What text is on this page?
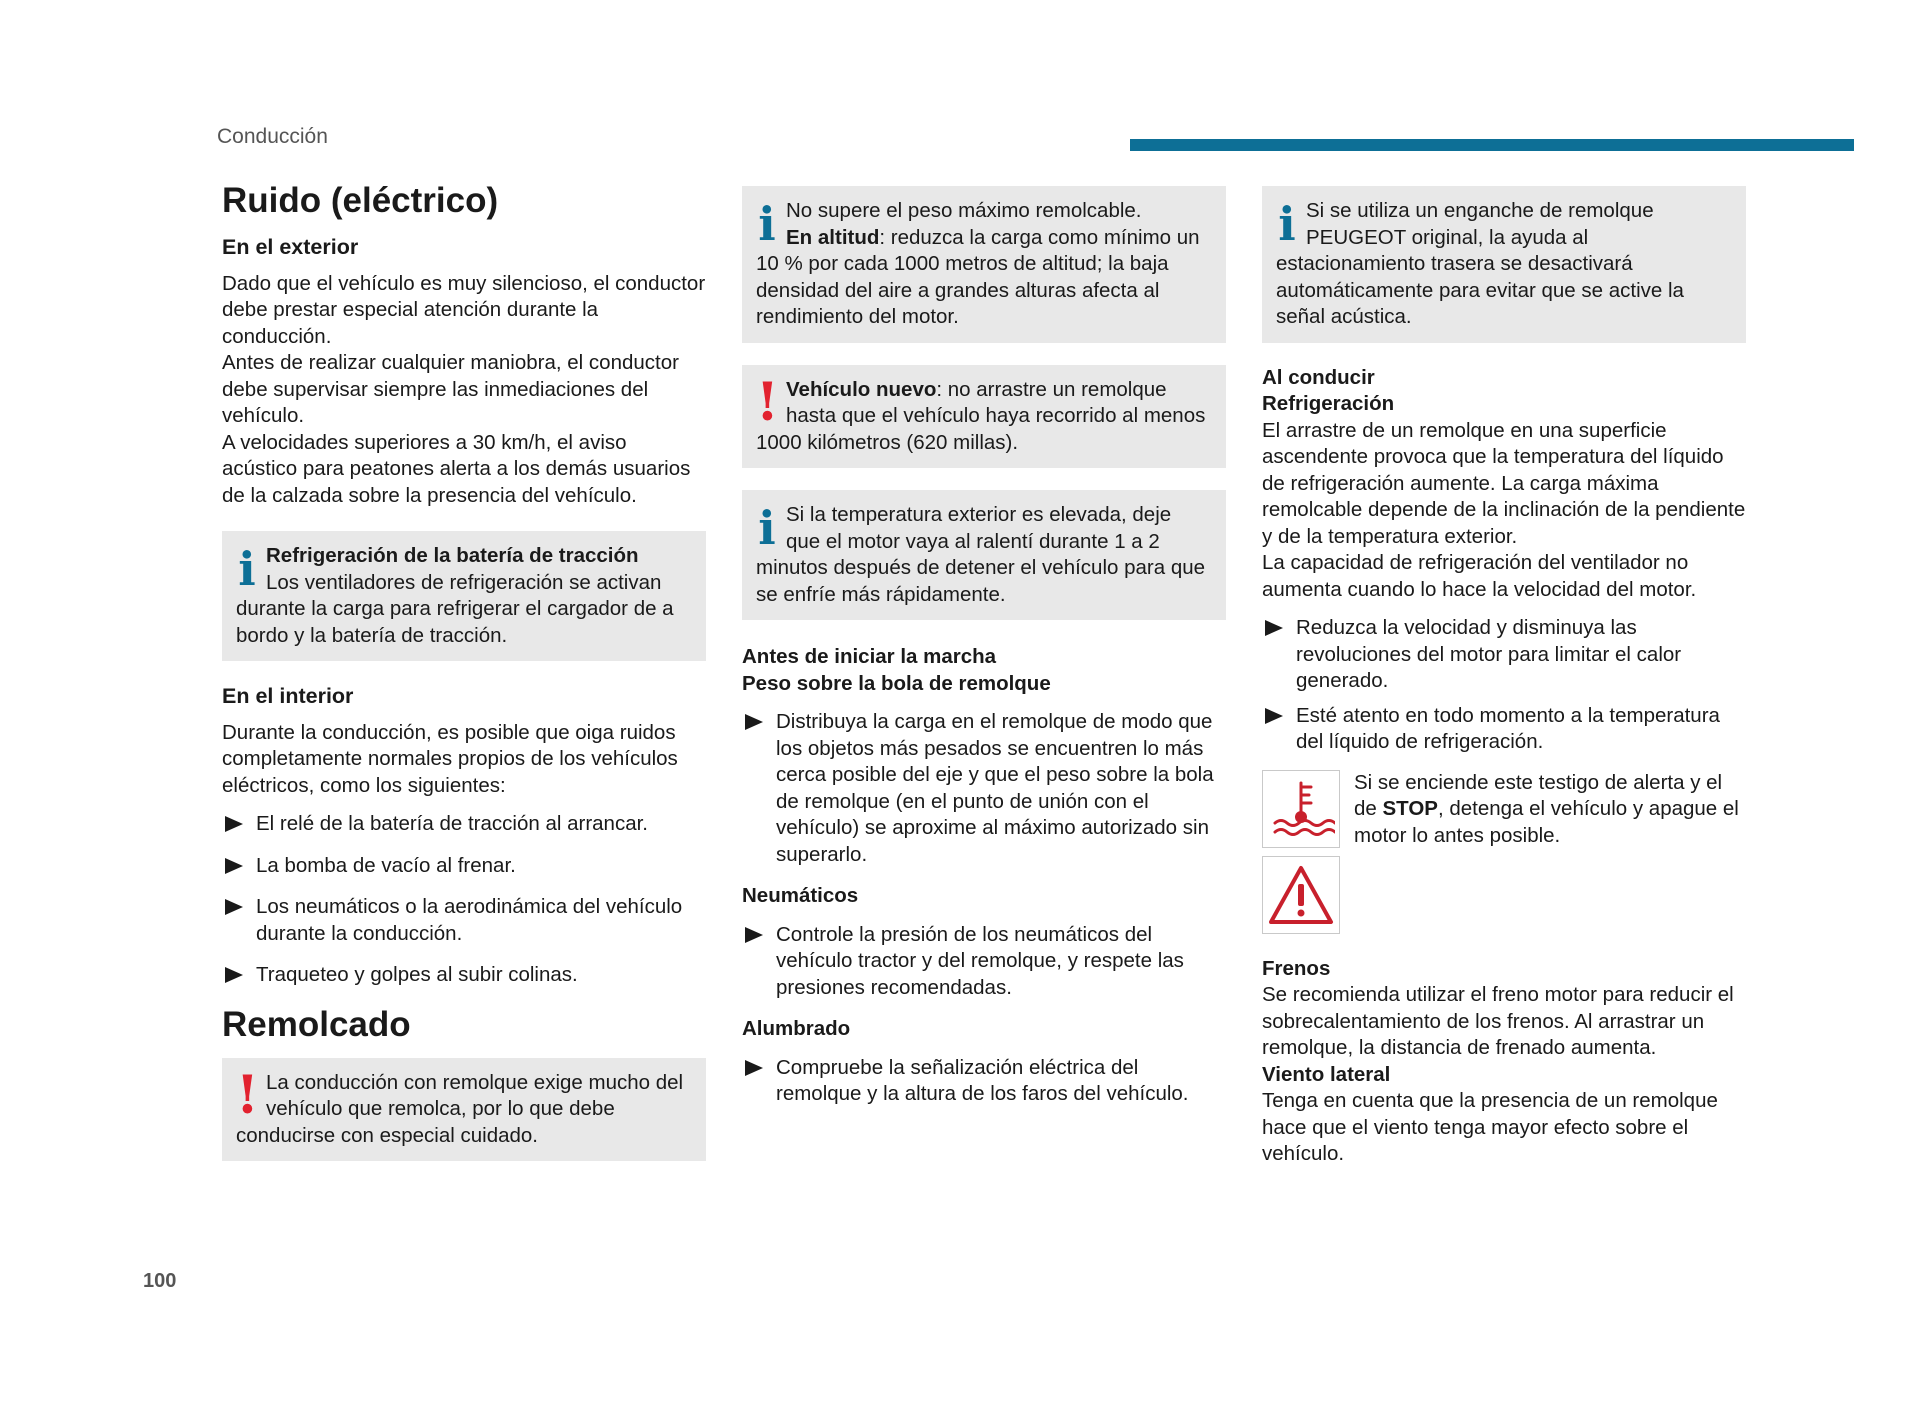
Conducción
Ruido (eléctrico)

En el exterior

Dado que el vehículo es muy silencioso, el conductor debe prestar especial atención durante la conducción.

Antes de realizar cualquier maniobra, el conductor debe supervisar siempre las inmediaciones del vehículo.

A velocidades superiores a 30 km/h, el aviso acústico para peatones alerta a los demás usuarios de la calzada sobre la presencia del vehículo.

i Refrigeración de la batería de tracción

Los ventiladores de refrigeración se activan durante la carga para refrigerar el cargador de a bordo y la batería de tracción.

En el interior

Durante la conducción, es posible que oiga ruidos completamente normales propios de los vehículos eléctricos, como los siguientes:

El relé de la batería de tracción al arrancar.
La bomba de vacío al frenar.
Los neumáticos o la aerodinámica del vehículo durante la conducción.
Traqueteo y golpes al subir colinas.
Remolcado
! La conducción con remolque exige mucho del vehículo que remolca, por lo que debe conducirse con especial cuidado.

i No supere el peso máximo remolcable.

En altitud: reduzca la carga como mínimo un 10 % por cada 1000 metros de altitud; la baja densidad del aire a grandes alturas afecta al rendimiento del motor.

! Vehículo nuevo: no arrastre un remolque hasta que el vehículo haya recorrido al menos 1000 kilómetros (620 millas).

i Si la temperatura exterior es elevada, deje que el motor vaya al ralentí durante 1 a 2 minutos después de detener el vehículo para que se enfríe más rápidamente.

Antes de iniciar la marcha

Peso sobre la bola de remolque

Distribuya la carga en el remolque de modo que los objetos más pesados se encuentren lo más cerca posible del eje y que el peso sobre la bola de remolque (en el punto de unión con el vehículo) se aproxime al máximo autorizado sin superarlo.

Neumáticos

Controle la presión de los neumáticos del vehículo tractor y del remolque, y respete las presiones recomendadas.

Alumbrado

Compruebe la señalización eléctrica del remolque y la altura de los faros del vehículo.
i Si se utiliza un enganche de remolque PEUGEOT original, la ayuda al estacionamiento trasera se desactivará automáticamente para evitar que se active la señal acústica.

Al conducir

Refrigeración

El arrastre de un remolque en una superficie ascendente provoca que la temperatura del líquido de refrigeración aumente. La carga máxima remolcable depende de la inclinación de la pendiente y de la temperatura exterior.

La capacidad de refrigeración del ventilador no aumenta cuando lo hace la velocidad del motor.

Reduzca la velocidad y disminuya las revoluciones del motor para limitar el calor generado.
Esté atento en todo momento a la temperatura del líquido de refrigeración.

Si se enciende este testigo de alerta y el de STOP, detenga el vehículo y apague el motor lo antes posible.

Frenos

Se recomienda utilizar el freno motor para reducir el sobrecalentamiento de los frenos. Al arrastrar un remolque, la distancia de frenado aumenta.

Viento lateral

Tenga en cuenta que la presencia de un remolque hace que el viento tenga mayor efecto sobre el vehículo.

100
